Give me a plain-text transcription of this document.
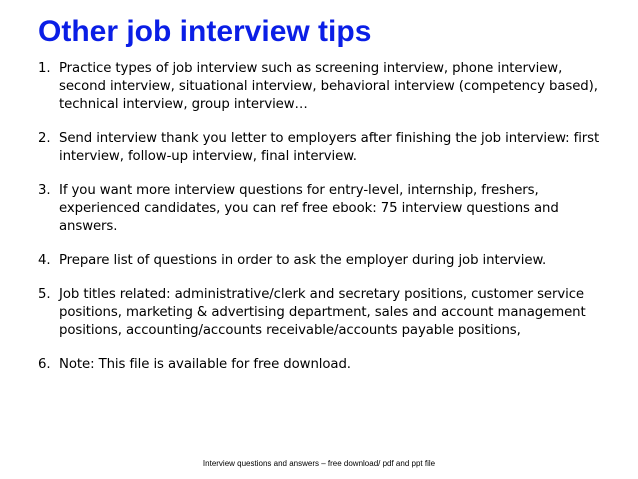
Other job interview tips
1. Practice types of job interview such as screening interview, phone interview, second interview, situational interview, behavioral interview (competency based), technical interview, group interview…
2. Send interview thank you letter to employers after finishing the job interview: first interview, follow-up interview, final interview.
3. If you want more interview questions for entry-level, internship, freshers, experienced candidates, you can ref free ebook: 75 interview questions and answers.
4. Prepare list of questions in order to ask the employer during job interview.
5. Job titles related: administrative/clerk and secretary positions, customer service positions, marketing & advertising department, sales and account management positions, accounting/accounts receivable/accounts payable positions,
6. Note: This file is available for free download.
Interview questions and answers – free download/ pdf and ppt file
